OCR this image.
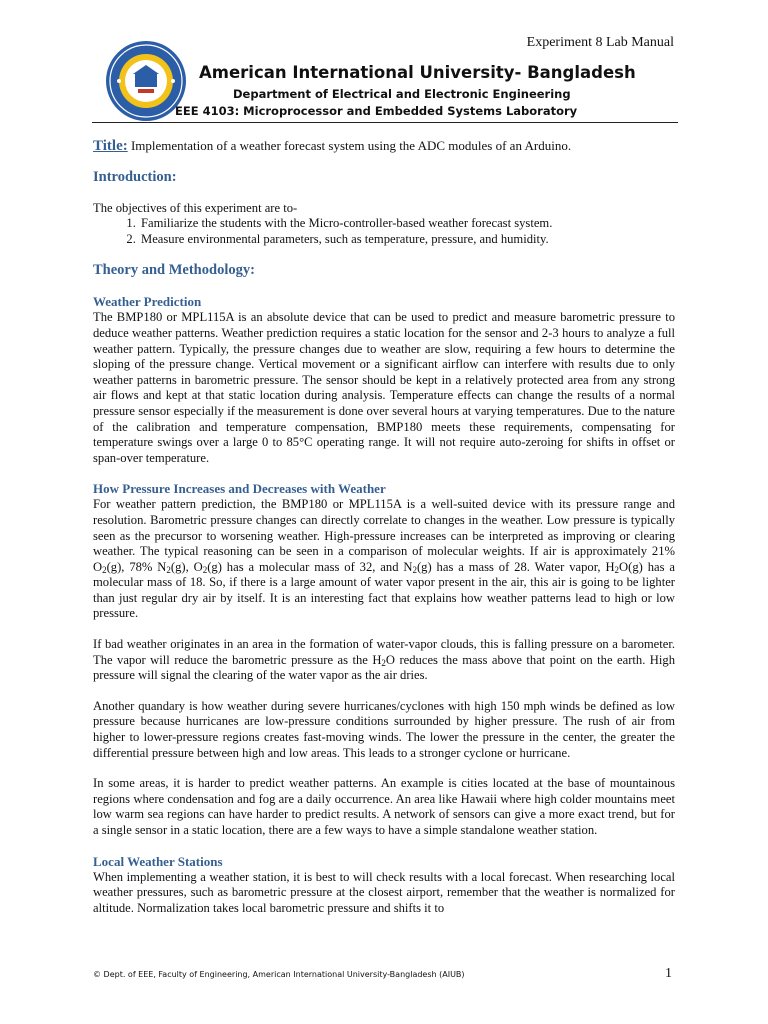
Experiment 8 Lab Manual
American International University- Bangladesh
Department of Electrical and Electronic Engineering
EEE 4103: Microprocessor and Embedded Systems Laboratory
Title: Implementation of a weather forecast system using the ADC modules of an Arduino.
Introduction:

The objectives of this experiment are to-

1. Familiarize the students with the Micro-controller-based weather forecast system.
2. Measure environmental parameters, such as temperature, pressure, and humidity.
Theory and Methodology:
Weather Prediction

The BMP180 or MPL115A is an absolute device that can be used to predict and measure barometric pressure to deduce weather patterns. Weather prediction requires a static location for the sensor and 2-3 hours to analyze a full weather pattern. Typically, the pressure changes due to weather are slow, requiring a few hours to determine the sloping of the pressure change. Vertical movement or a significant airflow can interfere with results due to only weather patterns in barometric pressure. The sensor should be kept in a relatively protected area from any strong air flows and kept at that static location during analysis. Temperature effects can change the results of a normal pressure sensor especially if the measurement is done over several hours at varying temperatures. Due to the nature of the calibration and temperature compensation, BMP180 meets these requirements, compensating for temperature swings over a large 0 to 85°C operating range. It will not require auto-zeroing for shifts in offset or span-over temperature.

How Pressure Increases and Decreases with Weather

For weather pattern prediction, the BMP180 or MPL115A is a well-suited device with its pressure range and resolution. Barometric pressure changes can directly correlate to changes in the weather. Low pressure is typically seen as the precursor to worsening weather. High-pressure increases can be interpreted as improving or clearing weather. The typical reasoning can be seen in a comparison of molecular weights. If air is approximately 21% $O_2(g)$, 78% $N_2(g)$, $O_2(g)$ has a molecular mass of 32, and $N_2(g)$ has a mass of 28. Water vapor, $H_2O(g)$ has a molecular mass of 18. So, if there is a large amount of water vapor present in the air, this air is going to be lighter than just regular dry air by itself. It is an interesting fact that explains how weather patterns lead to high or low pressure.

If bad weather originates in an area in the formation of water-vapor clouds, this is falling pressure on a barometer. The vapor will reduce the barometric pressure as the $H_2O$ reduces the mass above that point on the earth. High pressure will signal the clearing of the water vapor as the air dries.

Another quandary is how weather during severe hurricanes/cyclones with high 150 mph winds be defined as low pressure because hurricanes are low-pressure conditions surrounded by higher pressure. The rush of air from higher to lower-pressure regions creates fast-moving winds. The lower the pressure in the center, the greater the differential pressure between high and low areas. This leads to a stronger cyclone or hurricane.

In some areas, it is harder to predict weather patterns. An example is cities located at the base of mountainous regions where condensation and fog are a daily occurrence. An area like Hawaii where high colder mountains meet low warm sea regions can have harder to predict results. A network of sensors can give a more exact trend, but for a single sensor in a static location, there are a few ways to have a simple standalone weather station.

Local Weather Stations

When implementing a weather station, it is best to will check results with a local forecast. When researching local weather pressures, such as barometric pressure at the closest airport, remember that the weather is normalized for altitude. Normalization takes local barometric pressure and shifts it to

© Dept. of EEE, Faculty of Engineering, American International University-Bangladesh (AIUB)	1
